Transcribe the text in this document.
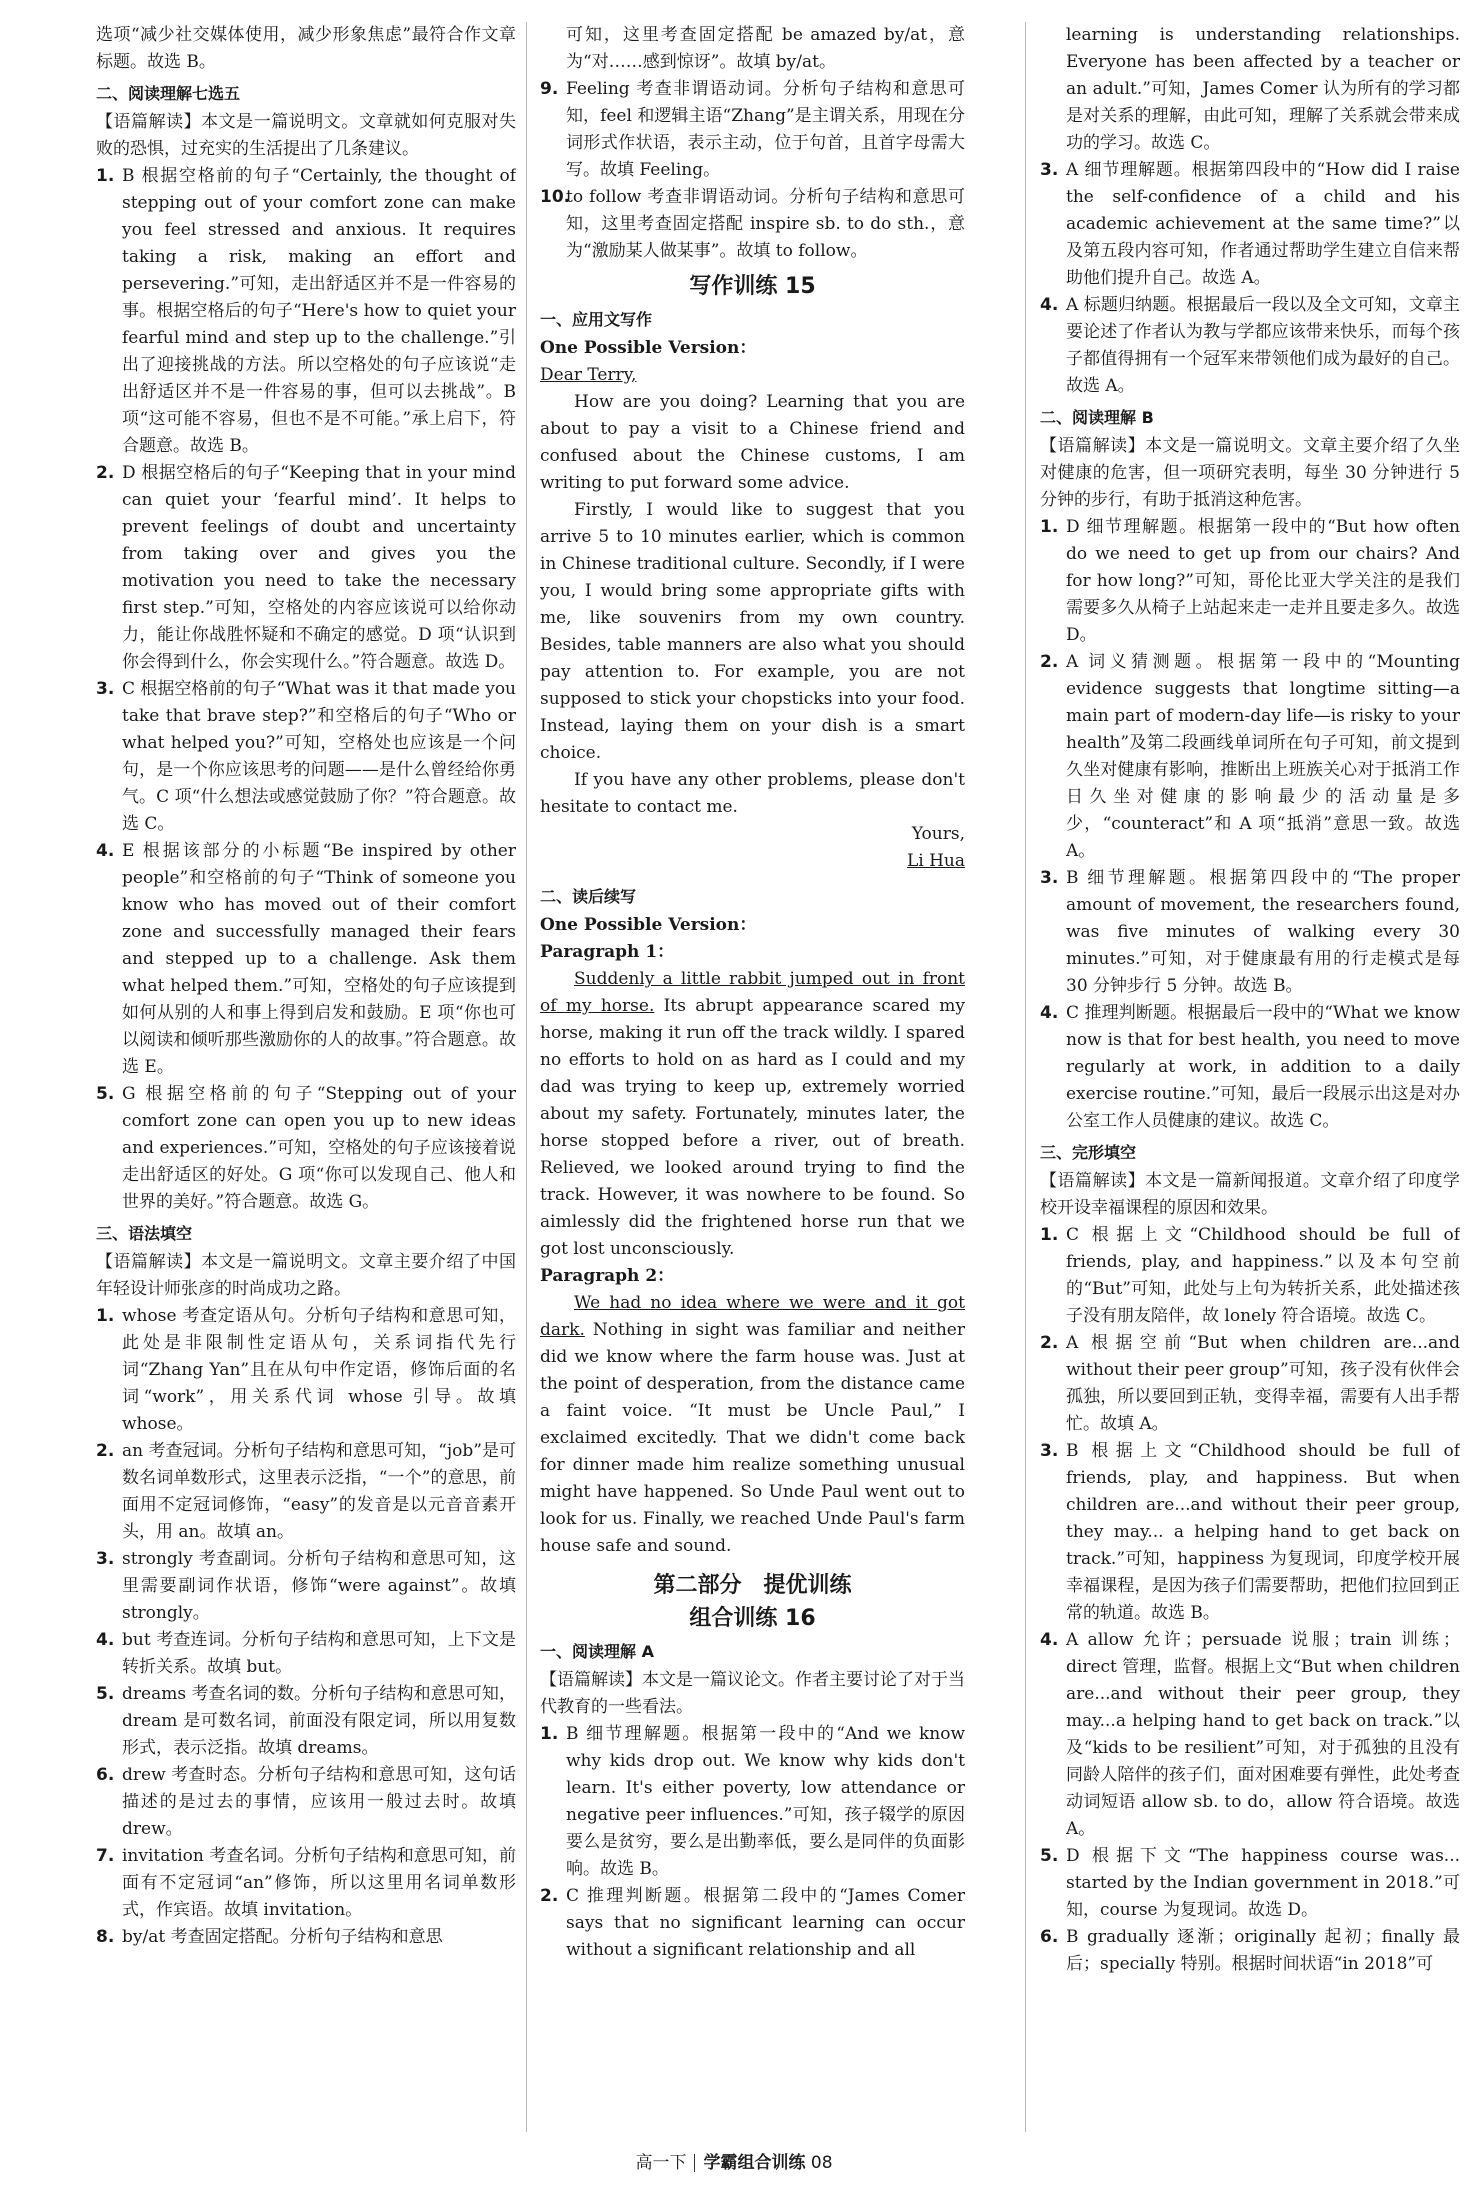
选项“减少社交媒体使用，减少形象焦虑”最符合作文章标题。故选 B。

二、阅读理解七选五

【语篇解读】本文是一篇说明文。文章就如何克服对失败的恐惧，过充实的生活提出了几条建议。

1. B 根据空格前的句子“Certainly, the thought of stepping out of your comfort zone can make you feel stressed and anxious. It requires taking a risk, making an effort and persevering.”可知，走出舒适区并不是一件容易的事。根据空格后的句子“Here's how to quiet your fearful mind and step up to the challenge.”引出了迎接挑战的方法。所以空格处的句子应该说“走出舒适区并不是一件容易的事，但可以去挑战”。B 项“这可能不容易，但也不是不可能。”承上启下，符合题意。故选 B。
2. D 根据空格后的句子“Keeping that in your mind can quiet your ‘fearful mind’. It helps to prevent feelings of doubt and uncertainty from taking over and gives you the motivation you need to take the necessary first step.”可知，空格处的内容应该说可以给你动力，能让你战胜怀疑和不确定的感觉。D 项“认识到你会得到什么，你会实现什么。”符合题意。故选 D。
3. C 根据空格前的句子“What was it that made you take that brave step?”和空格后的句子“Who or what helped you?”可知，空格处也应该是一个问句，是一个你应该思考的问题——是什么曾经给你勇气。C 项“什么想法或感觉鼓励了你？”符合题意。故选 C。
4. E 根据该部分的小标题“Be inspired by other people”和空格前的句子“Think of someone you know who has moved out of their comfort zone and successfully managed their fears and stepped up to a challenge. Ask them what helped them.”可知，空格处的句子应该提到如何从别的人和事上得到启发和鼓励。E 项“你也可以阅读和倾听那些激励你的人的故事。”符合题意。故选 E。
5. G 根据空格前的句子“Stepping out of your comfort zone can open you up to new ideas and experiences.”可知，空格处的句子应该接着说走出舒适区的好处。G 项“你可以发现自己、他人和世界的美好。”符合题意。故选 G。
三、语法填空

【语篇解读】本文是一篇说明文。文章主要介绍了中国年轻设计师张彦的时尚成功之路。

1. whose 考查定语从句。分析句子结构和意思可知，此处是非限制性定语从句，关系词指代先行词“Zhang Yan”且在从句中作定语，修饰后面的名词“work”，用关系代词 whose 引导。故填 whose。
2. an 考查冠词。分析句子结构和意思可知，“job”是可数名词单数形式，这里表示泛指，“一个”的意思，前面用不定冠词修饰，“easy”的发音是以元音音素开头，用 an。故填 an。
3. strongly 考查副词。分析句子结构和意思可知，这里需要副词作状语，修饰“were against”。故填 strongly。
4. but 考查连词。分析句子结构和意思可知，上下文是转折关系。故填 but。
5. dreams 考查名词的数。分析句子结构和意思可知，dream 是可数名词，前面没有限定词，所以用复数形式，表示泛指。故填 dreams。
6. drew 考查时态。分析句子结构和意思可知，这句话描述的是过去的事情，应该用一般过去时。故填 drew。
7. invitation 考查名词。分析句子结构和意思可知，前面有不定冠词“an”修饰，所以这里用名词单数形式，作宾语。故填 invitation。
8. by/at 考查固定搭配。分析句子结构和意思

可知，这里考查固定搭配 be amazed by/at，意为“对……感到惊讶”。故填 by/at。

9. Feeling 考查非谓语动词。分析句子结构和意思可知，feel 和逻辑主语“Zhang”是主谓关系，用现在分词形式作状语，表示主动，位于句首，且首字母需大写。故填 Feeling。
10.
to follow 考查非谓语动词。分析句子结构和意思可知，这里考查固定搭配 inspire sb. to do sth.，意为“激励某人做某事”。故填 to follow。
写作训练 15
一、应用文写作
One Possible Version：
Dear Terry,

How are you doing? Learning that you are about to pay a visit to a Chinese friend and confused about the Chinese customs, I am writing to put forward some advice.

Firstly, I would like to suggest that you arrive 5 to 10 minutes earlier, which is common in Chinese traditional culture. Secondly, if I were you, I would bring some appropriate gifts with me, like souvenirs from my own country. Besides, table manners are also what you should pay attention to. For example, you are not supposed to stick your chopsticks into your food. Instead, laying them on your dish is a smart choice.

If you have any other problems, please don't hesitate to contact me.

Yours,
Li Hua
二、读后续写
One Possible Version：
Paragraph 1：

Suddenly a little rabbit jumped out in front of my horse. Its abrupt appearance scared my horse, making it run off the track wildly. I spared no efforts to hold on as hard as I could and my dad was trying to keep up, extremely worried about my safety. Fortunately, minutes later, the horse stopped before a river, out of breath. Relieved, we looked around trying to find the track. However, it was nowhere to be found. So aimlessly did the frightened horse run that we got lost unconsciously.

Paragraph 2：

We had no idea where we were and it got dark. Nothing in sight was familiar and neither did we know where the farm house was. Just at the point of desperation, from the distance came a faint voice. “It must be Uncle Paul,” I exclaimed excitedly. That we didn't come back for dinner made him realize something unusual might have happened. So Unde Paul went out to look for us. Finally, we reached Unde Paul's farm house safe and sound.

第二部分　提优训练
组合训练 16
一、阅读理解 A

【语篇解读】本文是一篇议论文。作者主要讨论了对于当代教育的一些看法。

1. B 细节理解题。根据第一段中的“And we know why kids drop out. We know why kids don't learn. It's either poverty, low attendance or negative peer influences.”可知，孩子辍学的原因要么是贫穷，要么是出勤率低，要么是同伴的负面影响。故选 B。
2. C 推理判断题。根据第二段中的“James Comer says that no significant learning can occur without a significant relationship and all

learning is understanding relationships. Everyone has been affected by a teacher or an adult.”可知，James Comer 认为所有的学习都是对关系的理解，由此可知，理解了关系就会带来成功的学习。故选 C。

3. A 细节理解题。根据第四段中的“How did I raise the self-confidence of a child and his academic achievement at the same time?”以及第五段内容可知，作者通过帮助学生建立自信来帮助他们提升自己。故选 A。
4. A 标题归纳题。根据最后一段以及全文可知，文章主要论述了作者认为教与学都应该带来快乐，而每个孩子都值得拥有一个冠军来带领他们成为最好的自己。故选 A。
二、阅读理解 B

【语篇解读】本文是一篇说明文。文章主要介绍了久坐对健康的危害，但一项研究表明，每坐 30 分钟进行 5 分钟的步行，有助于抵消这种危害。

1. D 细节理解题。根据第一段中的“But how often do we need to get up from our chairs? And for how long?”可知，哥伦比亚大学关注的是我们需要多久从椅子上站起来走一走并且要走多久。故选 D。
2. A 词义猜测题。根据第一段中的“Mounting evidence suggests that longtime sitting—a main part of modern-day life—is risky to your health”及第二段画线单词所在句子可知，前文提到久坐对健康有影响，推断出上班族关心对于抵消工作日久坐对健康的影响最少的活动量是多少，“counteract”和 A 项“抵消”意思一致。故选 A。
3. B 细节理解题。根据第四段中的“The proper amount of movement, the researchers found, was five minutes of walking every 30 minutes.”可知，对于健康最有用的行走模式是每 30 分钟步行 5 分钟。故选 B。
4. C 推理判断题。根据最后一段中的“What we know now is that for best health, you need to move regularly at work, in addition to a daily exercise routine.”可知，最后一段展示出这是对办公室工作人员健康的建议。故选 C。
三、完形填空

【语篇解读】本文是一篇新闻报道。文章介绍了印度学校开设幸福课程的原因和效果。

1. C 根据上文“Childhood should be full of friends, play, and happiness.”以及本句空前的“But”可知，此处与上句为转折关系，此处描述孩子没有朋友陪伴，故 lonely 符合语境。故选 C。
2. A 根据空前“But when children are...and without their peer group”可知，孩子没有伙伴会孤独，所以要回到正轨，变得幸福，需要有人出手帮忙。故填 A。
3. B 根据上文“Childhood should be full of friends, play, and happiness. But when children are...and without their peer group, they may... a helping hand to get back on track.”可知，happiness 为复现词，印度学校开展幸福课程，是因为孩子们需要帮助，把他们拉回到正常的轨道。故选 B。
4. A allow 允许；persuade 说服；train 训练；direct 管理，监督。根据上文“But when children are...and without their peer group, they may...a helping hand to get back on track.”以及“kids to be resilient”可知，对于孤独的且没有同龄人陪伴的孩子们，面对困难要有弹性，此处考查动词短语 allow sb. to do，allow 符合语境。故选 A。
5. D 根据下文“The happiness course was... started by the Indian government in 2018.”可知，course 为复现词。故选 D。
6. B gradually 逐渐；originally 起初；finally 最后；specially 特别。根据时间状语“in 2018”可
高一下 学霸组合训练 08
